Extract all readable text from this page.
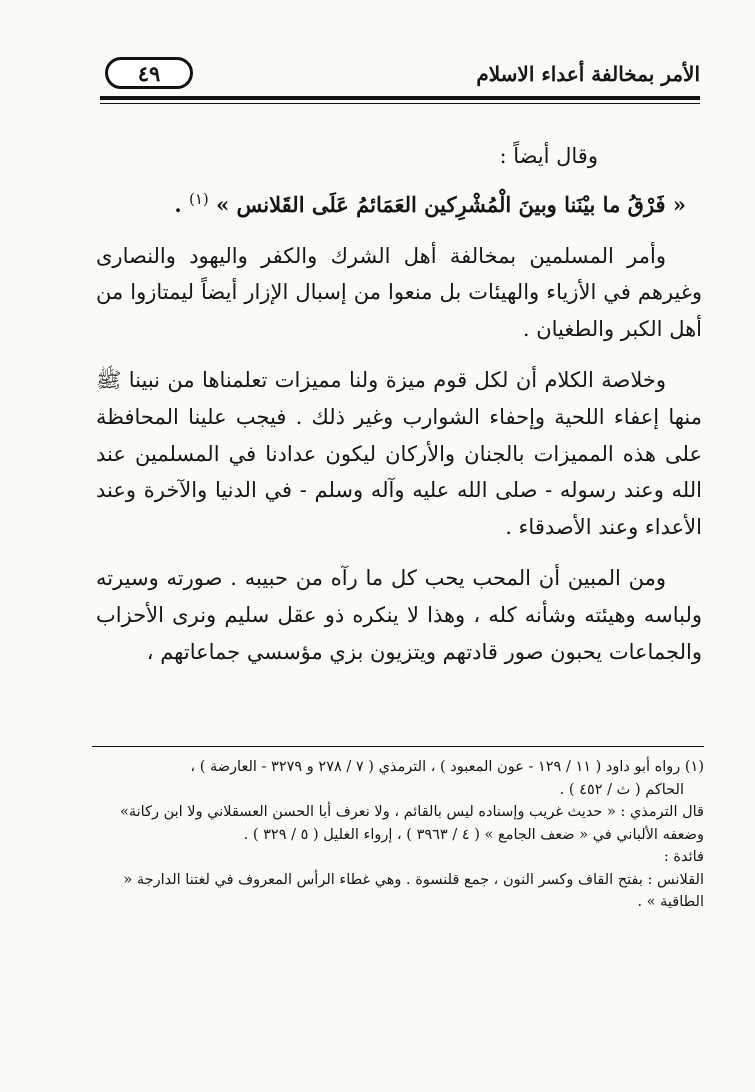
٤٩	الأمر بمخالفة أعداء الاسلام

وقال أيضاً :

« فَرْقُ ما بيْنَنا وبينَ الْمُشْرِكين العَمَائمُ عَلَى القَلانس » $^{(١)}$ .

وأمر المسلمين بمخالفة أهل الشرك والكفر واليهود والنصارى وغيرهم في الأزياء والهيئات بل منعوا من إسبال الإزار أيضاً ليمتازوا من أهل الكبر والطغيان .

وخلاصة الكلام أن لكل قوم ميزة ولنا مميزات تعلمناها من نبينا ﷺ منها إعفاء اللحية وإحفاء الشوارب وغير ذلك . فيجب علينا المحافظة على هذه المميزات بالجنان والأركان ليكون عدادنا في المسلمين عند الله وعند رسوله - صلى الله عليه وآله وسلم - في الدنيا والآخرة وعند الأعداء وعند الأصدقاء .

ومن المبين أن المحب يحب كل ما رآه من حبيبه . صورته وسيرته ولباسه وهيئته وشأنه كله ، وهذا لا ينكره ذو عقل سليم ونرى الأحزاب والجماعات يحبون صور قادتهم ويتزيون بزي مؤسسي جماعاتهم ،

(١) رواه أبو داود ( ١١ / ١٢٩ - عون المعبود ) ، الترمذي ( ٧ / ٢٧٨ و ٣٢٧٩ - العارضة ) ،

الحاكم ( ث / ٤٥٢ ) .

قال الترمذي : « حديث غريب وإسناده ليس بالقائم ، ولا نعرف أبا الحسن العسقلاني ولا ابن ركانة»

وضعفه الألباني في « ضعف الجامع » ( ٤ / ٣٩٦٣ ) ، إرواء الغليل ( ٥ / ٣٢٩ ) .

فائدة :

القلانس : بفتح القاف وكسر النون ، جمع قلنسوة . وهي غطاء الرأس المعروف في لغتنا الدارجة « الطاقية » .
